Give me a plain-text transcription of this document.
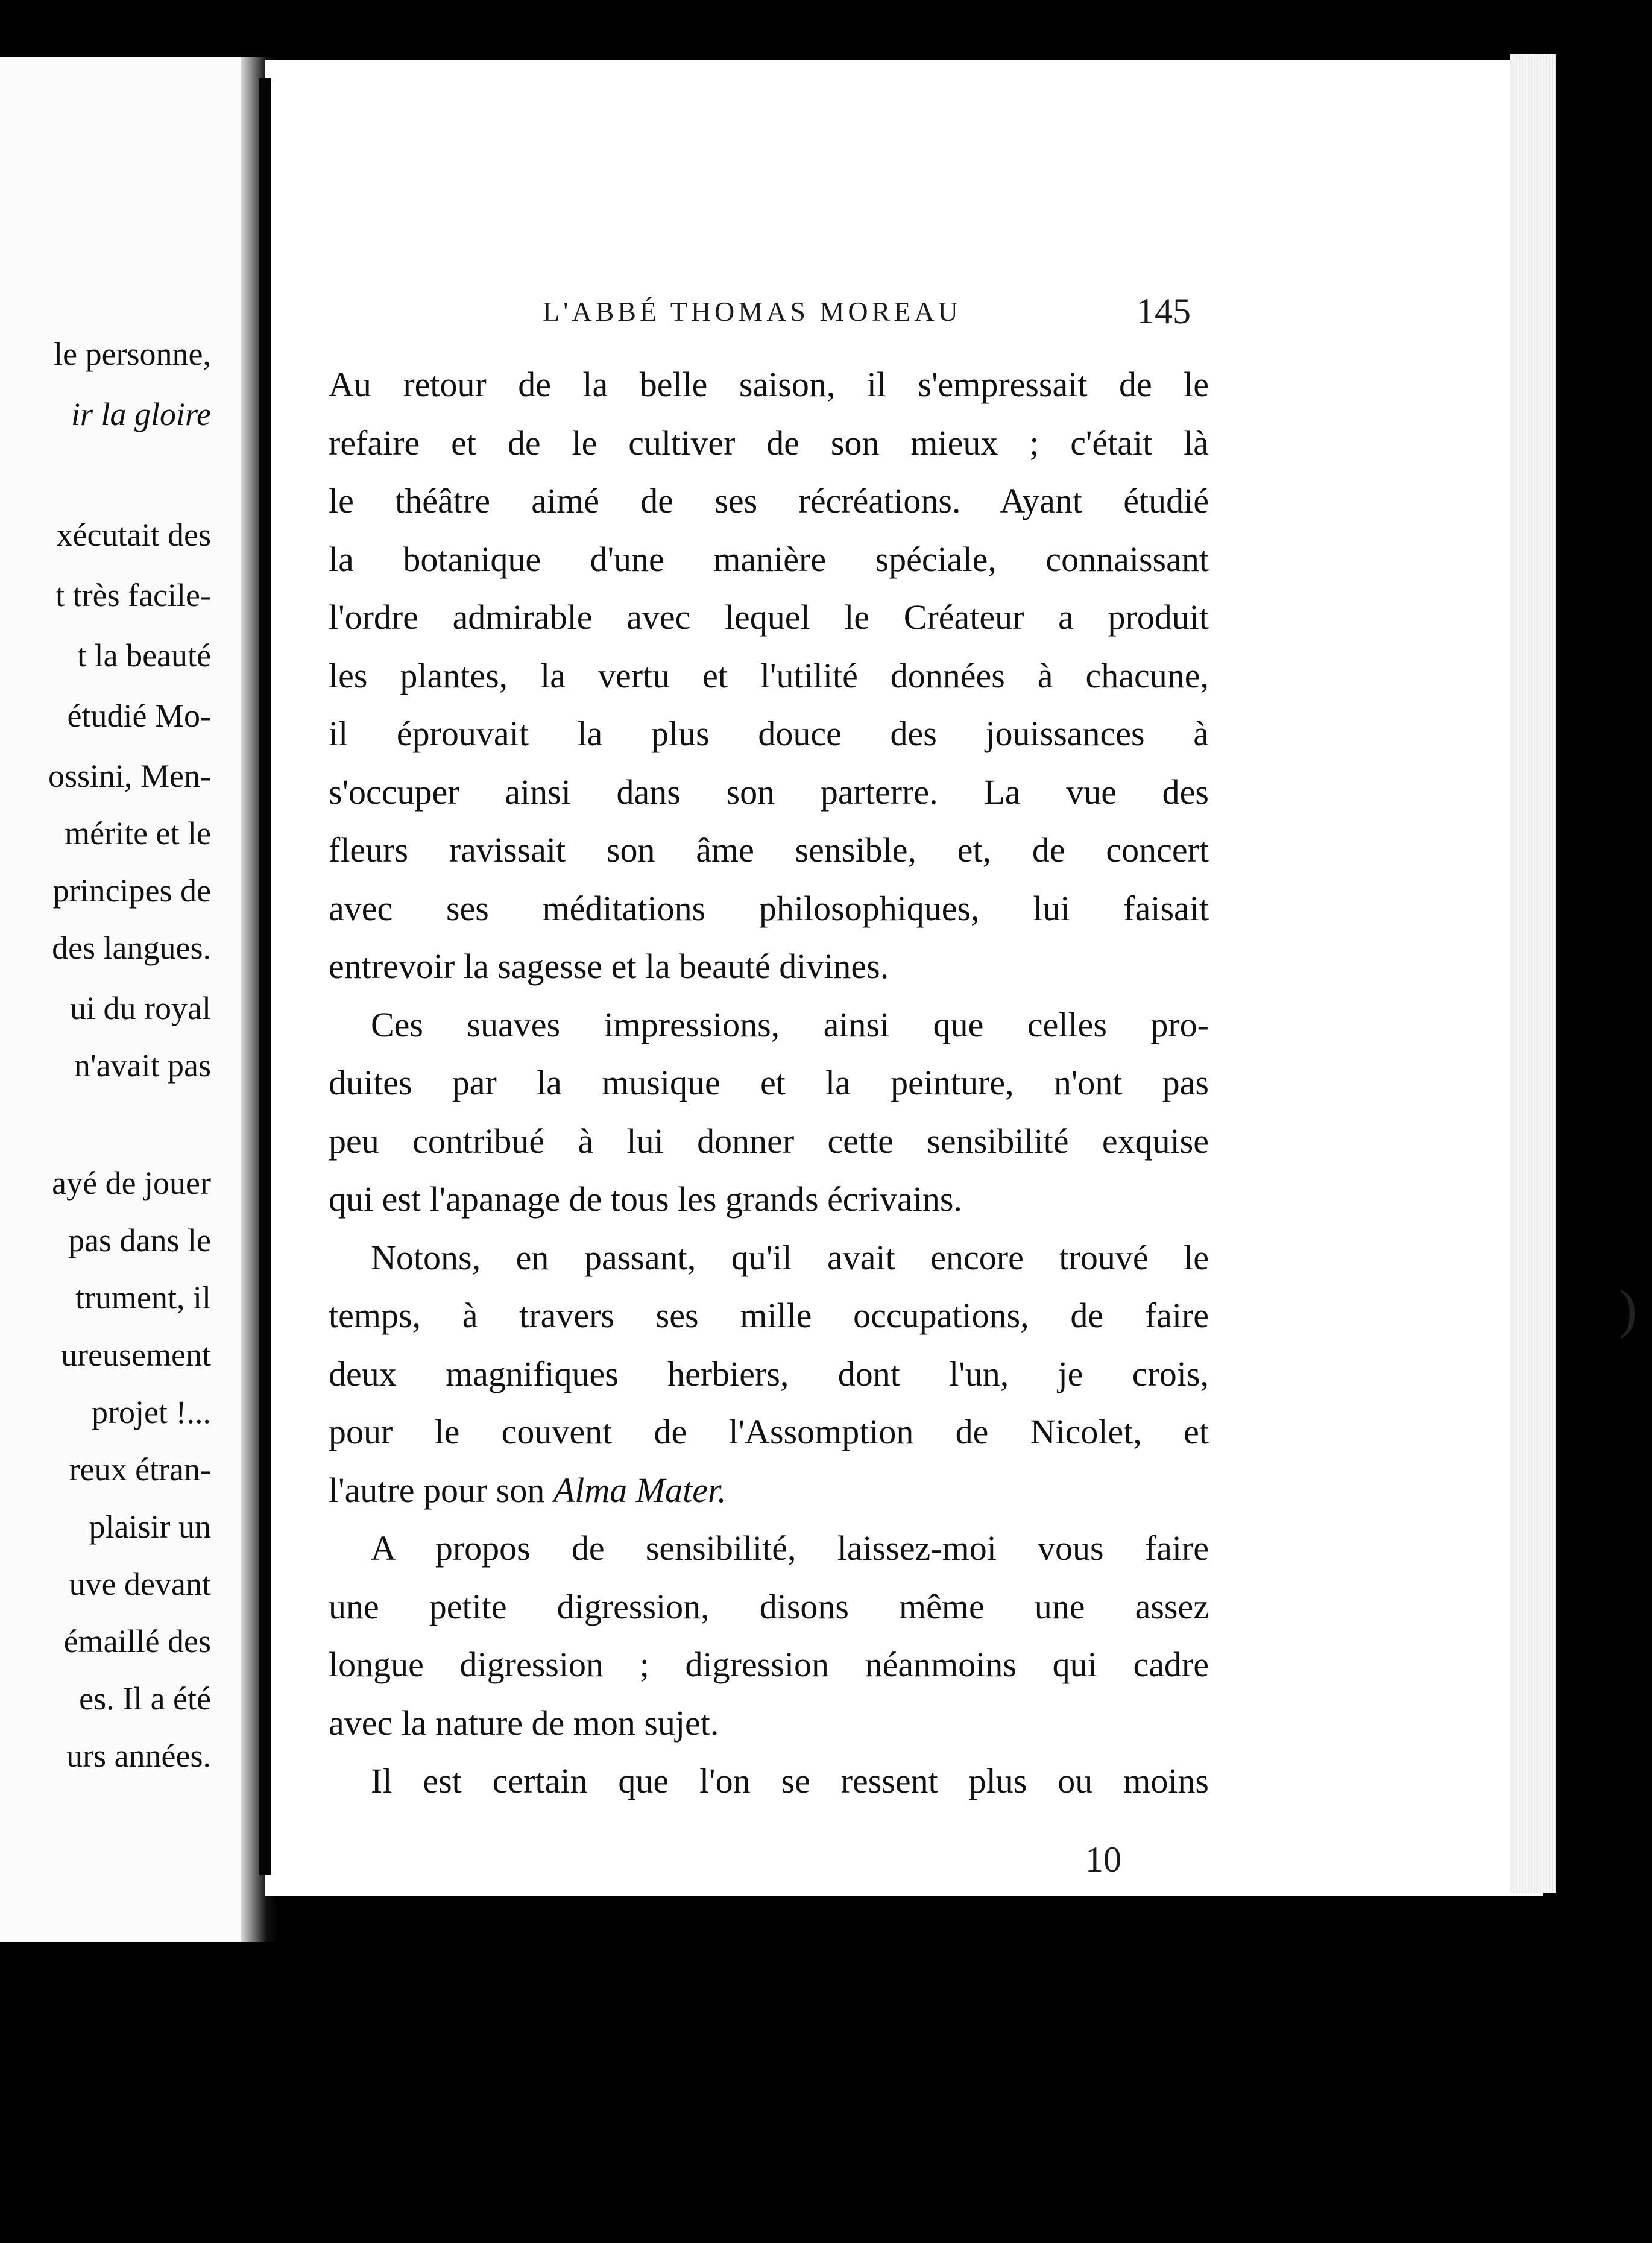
le personne,
ir la gloire
xécutait des
t très facile-
t la beauté
étudié Mo-
ossini, Men-
mérite et le
principes de
des langues.
ui du royal
n'avait pas
ayé de jouer
pas dans le
trument, il
ureusement
projet !...
reux étran-
plaisir un
uve devant
émaillé des
es. Il a été
urs années.
L'ABBÉ THOMAS MOREAU	145
Au retour de la belle saison, il s'empressait de le
refaire et de le cultiver de son mieux ; c'était là
le théâtre aimé de ses récréations. Ayant étudié
la botanique d'une manière spéciale, connaissant
l'ordre admirable avec lequel le Créateur a produit
les plantes, la vertu et l'utilité données à chacune,
il éprouvait la plus douce des jouissances à
s'occuper ainsi dans son parterre. La vue des
fleurs ravissait son âme sensible, et, de concert
avec ses méditations philosophiques, lui faisait
entrevoir la sagesse et la beauté divines.
Ces suaves impressions, ainsi que celles pro-
duites par la musique et la peinture, n'ont pas
peu contribué à lui donner cette sensibilité exquise
qui est l'apanage de tous les grands écrivains.
Notons, en passant, qu'il avait encore trouvé le
temps, à travers ses mille occupations, de faire
deux magnifiques herbiers, dont l'un, je crois,
pour le couvent de l'Assomption de Nicolet, et
l'autre pour son Alma Mater.
A propos de sensibilité, laissez-moi vous faire
une petite digression, disons même une assez
longue digression ; digression néanmoins qui cadre
avec la nature de mon sujet.
Il est certain que l'on se ressent plus ou moins
10
)
